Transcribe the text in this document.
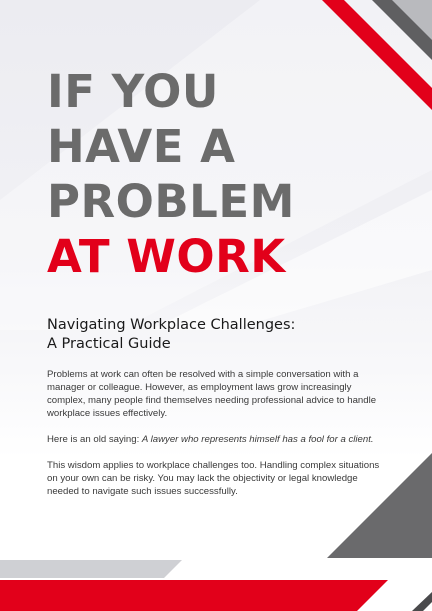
IF YOU
HAVE A
PROBLEM
AT WORK
Navigating Workplace Challenges:
A Practical Guide

Problems at work can often be resolved with a simple conversation with a manager or colleague. However, as employment laws grow increasingly complex, many people find themselves needing professional advice to handle workplace issues effectively.

Here is an old saying: A lawyer who represents himself has a fool for a client.

This wisdom applies to workplace challenges too. Handling complex situations on your own can be risky. You may lack the objectivity or legal knowledge needed to navigate such issues successfully.
